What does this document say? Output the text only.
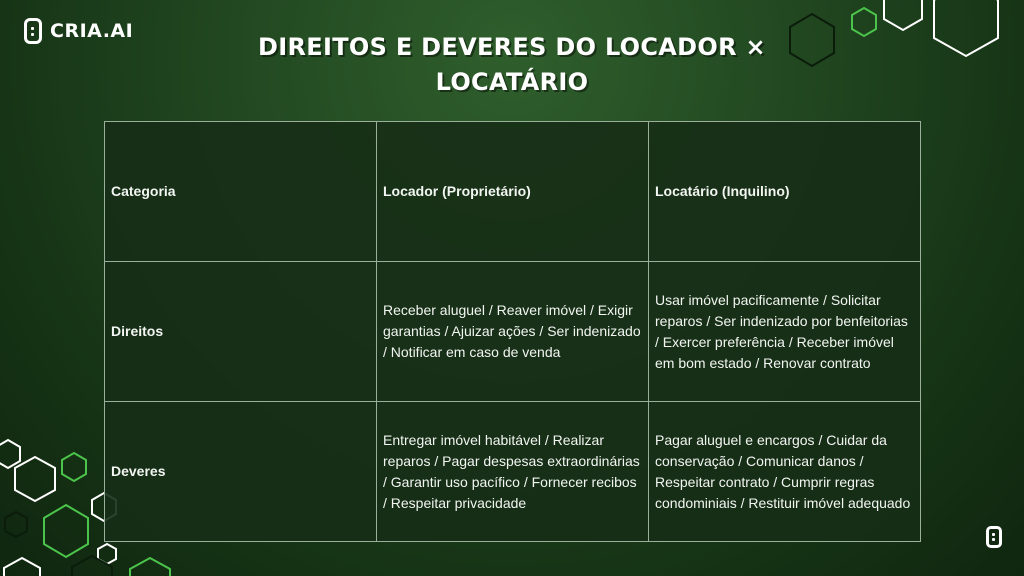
CRIA.AI
DIREITOS E DEVERES DO LOCADOR × LOCATÁRIO
Categoria	Locador (Proprietário)	Locatário (Inquilino)
Direitos	Receber aluguel / Reaver imóvel / Exigir garantias / Ajuizar ações / Ser indenizado / Notificar em caso de venda	Usar imóvel pacificamente / Solicitar reparos / Ser indenizado por benfeitorias / Exercer preferência / Receber imóvel em bom estado / Renovar contrato
Deveres	Entregar imóvel habitável / Realizar reparos / Pagar despesas extraordinárias / Garantir uso pacífico / Fornecer recibos / Respeitar privacidade	Pagar aluguel e encargos / Cuidar da conservação / Comunicar danos / Respeitar contrato / Cumprir regras condominiais / Restituir imóvel adequado
